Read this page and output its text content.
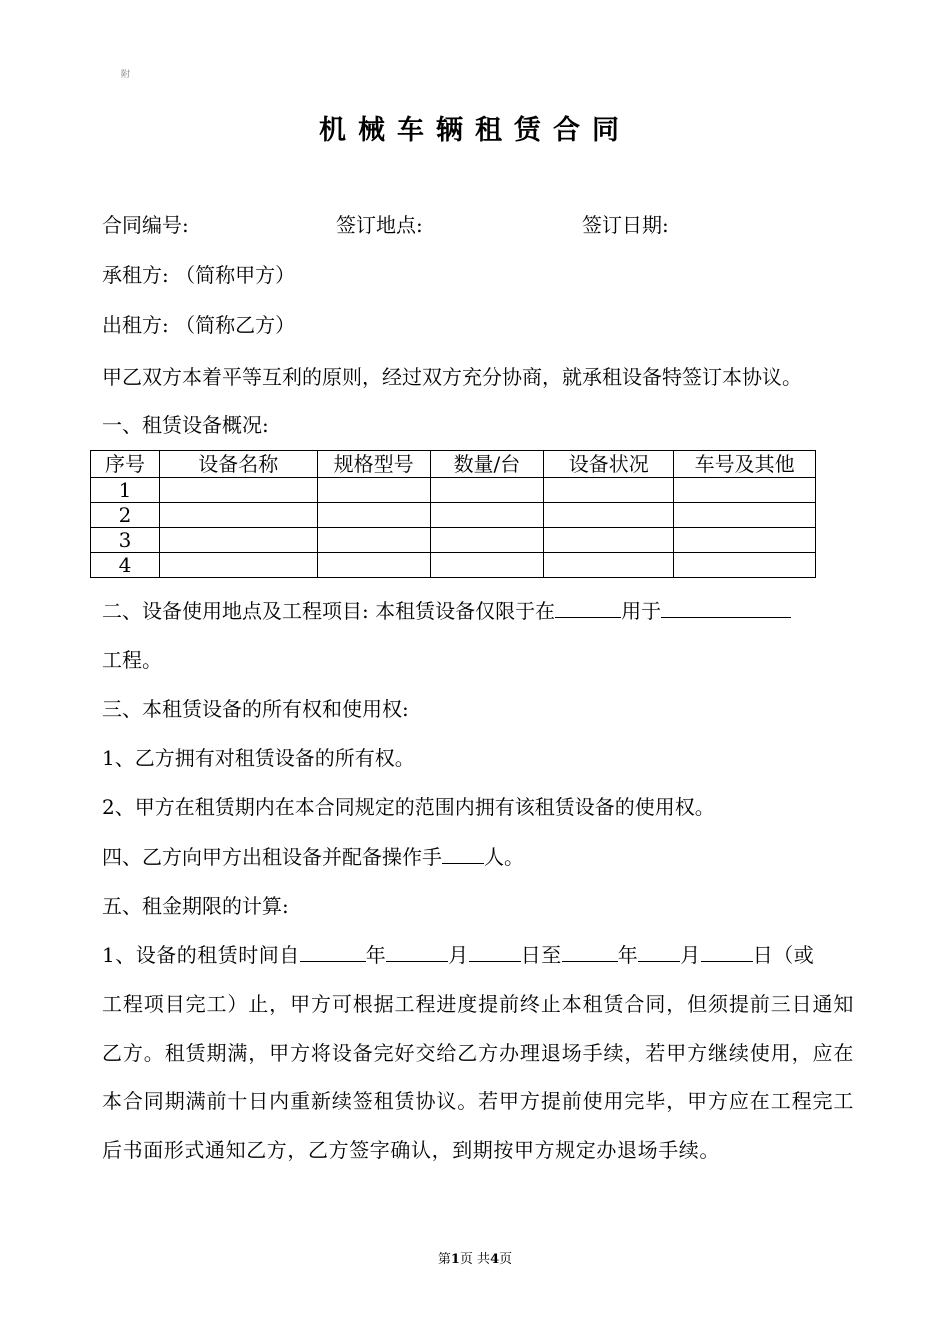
附
机械车辆租赁合同
合同编号:	签订地点:	签订日期:
承租方: （简称甲方）
出租方: （简称乙方）
甲乙双方本着平等互利的原则，经过双方充分协商，就承租设备特签订本协议。
一、租赁设备概况:
序号	设备名称	规格型号	数量/台	设备状况	车号及其他
1					
2					
3					
4					
二、设备使用地点及工程项目: 本租赁设备仅限于在	用于
工程。
三、本租赁设备的所有权和使用权:
1、乙方拥有对租赁设备的所有权。
2、甲方在租赁期内在本合同规定的范围内拥有该租赁设备的使用权。
四、乙方向甲方出租设备并配备操作手 人。
五、租金期限的计算:
1、设备的租赁时间自	年	月	日至	年 月	日（或
工程项目完工）止，甲方可根据工程进度提前终止本租赁合同，但须提前三日通知乙方。租赁期满，甲方将设备完好交给乙方办理退场手续，若甲方继续使用，应在本合同期满前十日内重新续签租赁协议。若甲方提前使用完毕，甲方应在工程完工后书面形式通知乙方，乙方签字确认，到期按甲方规定办退场手续。
第1页 共4页
